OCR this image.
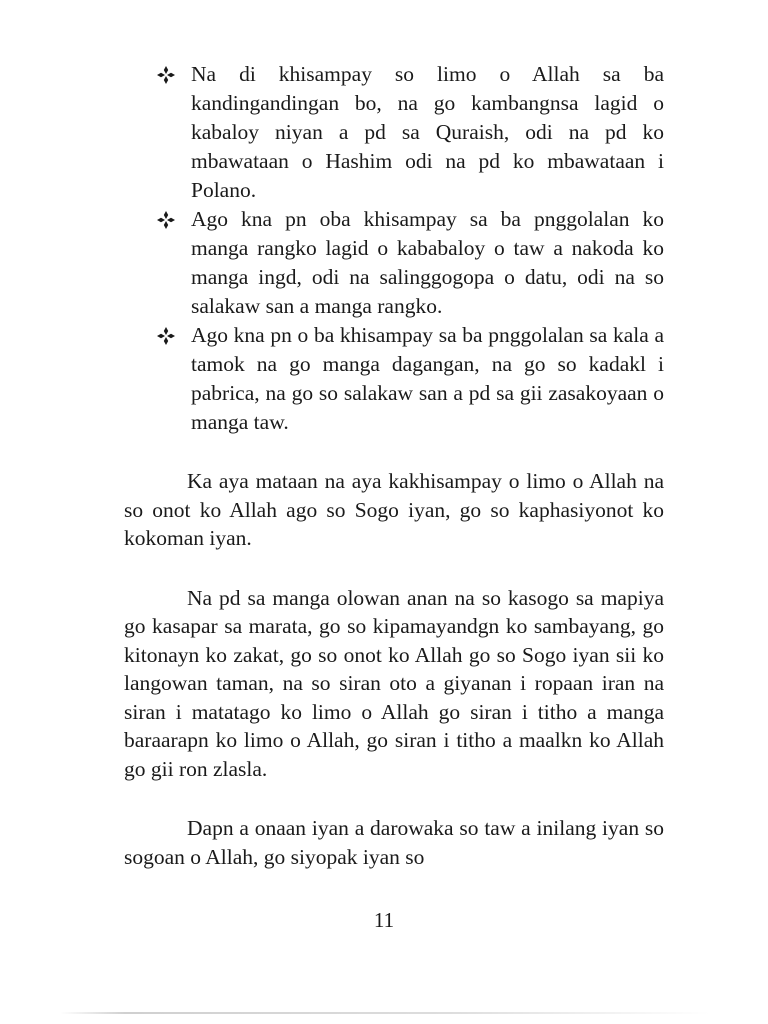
Na di khisampay so limo o Allah sa ba kandingandingan bo, na go kambangnsa lagid o kabaloy niyan a pd sa Quraish, odi na pd ko mbawataan o Hashim odi na pd ko mbawataan i Polano.
Ago kna pn oba khisampay sa ba pnggolalan ko manga rangko lagid o kababaloy o taw a nakoda ko manga ingd, odi na salinggogopa o datu, odi na so salakaw san a manga rangko.
Ago kna pn o ba khisampay sa ba pnggolalan sa kala a tamok na go manga dagangan, na go so kadakl i pabrica, na go so salakaw san a pd sa gii zasakoyaan o manga taw.

Ka aya mataan na aya kakhisampay o limo o Allah na so onot ko Allah ago so Sogo iyan, go so kaphasiyonot ko kokoman iyan.

Na pd sa manga olowan anan na so kasogo sa mapiya go kasapar sa marata, go so kipamayandgn ko sambayang, go kitonayn ko zakat, go so onot ko Allah go so Sogo iyan sii ko langowan taman, na so siran oto a giyanan i ropaan iran na siran i matatago ko limo o Allah go siran i titho a manga baraarapn ko limo o Allah, go siran i titho a maalkn ko Allah go gii ron zlasla.

Dapn a onaan iyan a darowaka so taw a inilang iyan so sogoan o Allah, go siyopak iyan so

11
